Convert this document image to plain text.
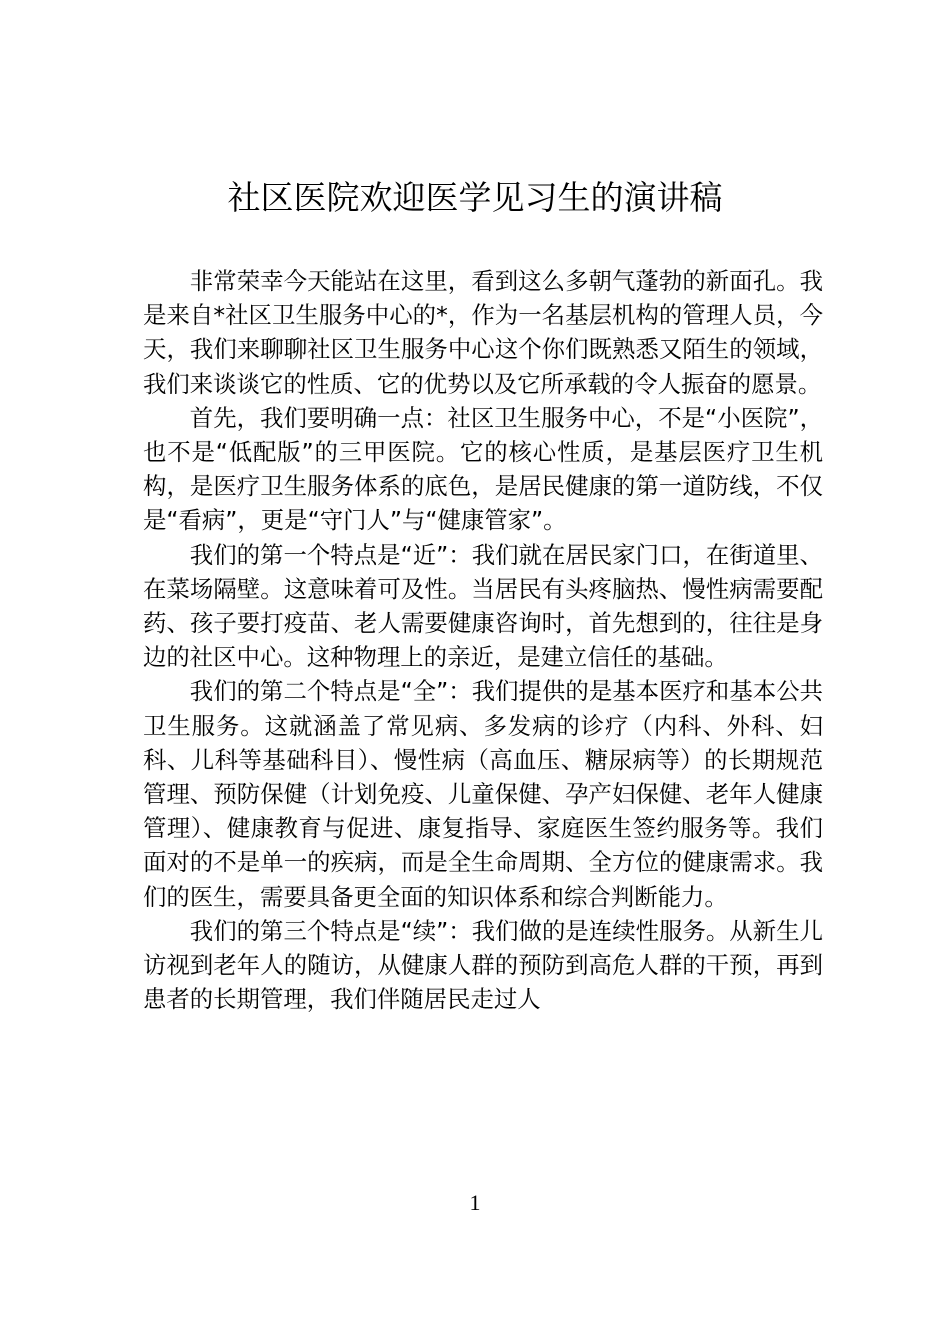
社区医院欢迎医学见习生的演讲稿

非常荣幸今天能站在这里，看到这么多朝气蓬勃的新面孔。我是来自*社区卫生服务中心的*，作为一名基层机构的管理人员，今天，我们来聊聊社区卫生服务中心这个你们既熟悉又陌生的领域，我们来谈谈它的性质、它的优势以及它所承载的令人振奋的愿景。

首先，我们要明确一点：社区卫生服务中心，不是“小医院”，也不是“低配版”的三甲医院。它的核心性质，是基层医疗卫生机构，是医疗卫生服务体系的底色，是居民健康的第一道防线，不仅是“看病”，更是“守门人”与“健康管家”。

我们的第一个特点是“近”：我们就在居民家门口，在街道里、在菜场隔壁。这意味着可及性。当居民有头疼脑热、慢性病需要配药、孩子要打疫苗、老人需要健康咨询时，首先想到的，往往是身边的社区中心。这种物理上的亲近，是建立信任的基础。

我们的第二个特点是“全”：我们提供的是基本医疗和基本公共卫生服务。这就涵盖了常见病、多发病的诊疗（内科、外科、妇科、儿科等基础科目）、慢性病（高血压、糖尿病等）的长期规范管理、预防保健（计划免疫、儿童保健、孕产妇保健、老年人健康管理）、健康教育与促进、康复指导、家庭医生签约服务等。我们面对的不是单一的疾病，而是全生命周期、全方位的健康需求。我们的医生，需要具备更全面的知识体系和综合判断能力。

我们的第三个特点是“续”：我们做的是连续性服务。从新生儿访视到老年人的随访，从健康人群的预防到高危人群的干预，再到患者的长期管理，我们伴随居民走过人

1
